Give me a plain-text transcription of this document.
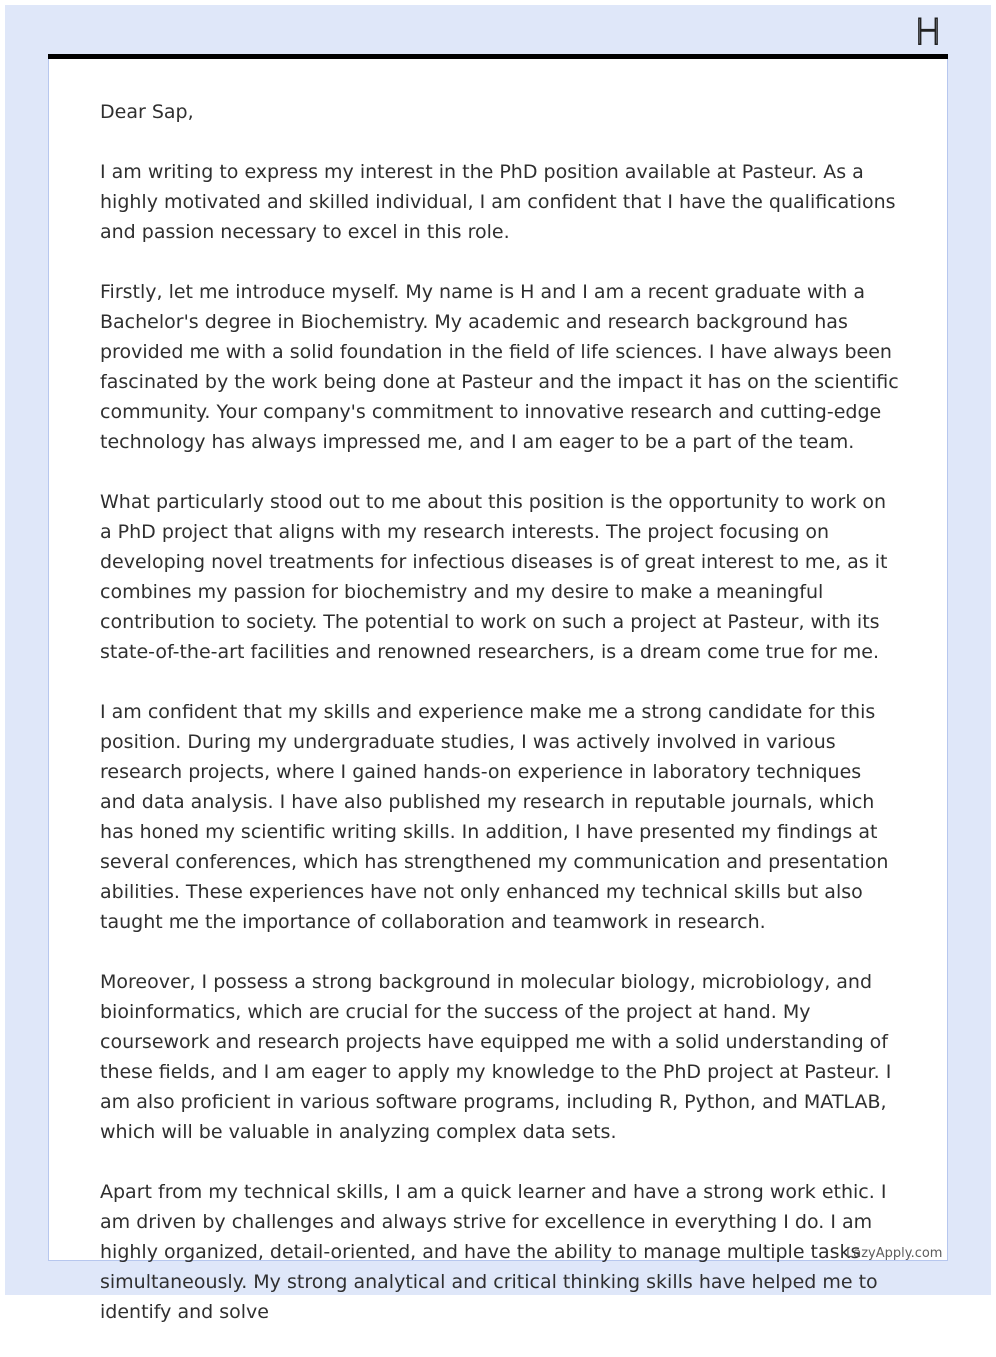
H

Dear Sap,

I am writing to express my interest in the PhD position available at Pasteur. As a highly motivated and skilled individual, I am confident that I have the qualifications and passion necessary to excel in this role.

Firstly, let me introduce myself. My name is H and I am a recent graduate with a Bachelor's degree in Biochemistry. My academic and research background has provided me with a solid foundation in the field of life sciences. I have always been fascinated by the work being done at Pasteur and the impact it has on the scientific community. Your company's commitment to innovative research and cutting-edge technology has always impressed me, and I am eager to be a part of the team.

What particularly stood out to me about this position is the opportunity to work on a PhD project that aligns with my research interests. The project focusing on developing novel treatments for infectious diseases is of great interest to me, as it combines my passion for biochemistry and my desire to make a meaningful contribution to society. The potential to work on such a project at Pasteur, with its state-of-the-art facilities and renowned researchers, is a dream come true for me.

I am confident that my skills and experience make me a strong candidate for this position. During my undergraduate studies, I was actively involved in various research projects, where I gained hands-on experience in laboratory techniques and data analysis. I have also published my research in reputable journals, which has honed my scientific writing skills. In addition, I have presented my findings at several conferences, which has strengthened my communication and presentation abilities. These experiences have not only enhanced my technical skills but also taught me the importance of collaboration and teamwork in research.

Moreover, I possess a strong background in molecular biology, microbiology, and bioinformatics, which are crucial for the success of the project at hand. My coursework and research projects have equipped me with a solid understanding of these fields, and I am eager to apply my knowledge to the PhD project at Pasteur. I am also proficient in various software programs, including R, Python, and MATLAB, which will be valuable in analyzing complex data sets.

Apart from my technical skills, I am a quick learner and have a strong work ethic. I am driven by challenges and always strive for excellence in everything I do. I am highly organized, detail-oriented, and have the ability to manage multiple tasks simultaneously. My strong analytical and critical thinking skills have helped me to identify and solve

LazyApply.com
